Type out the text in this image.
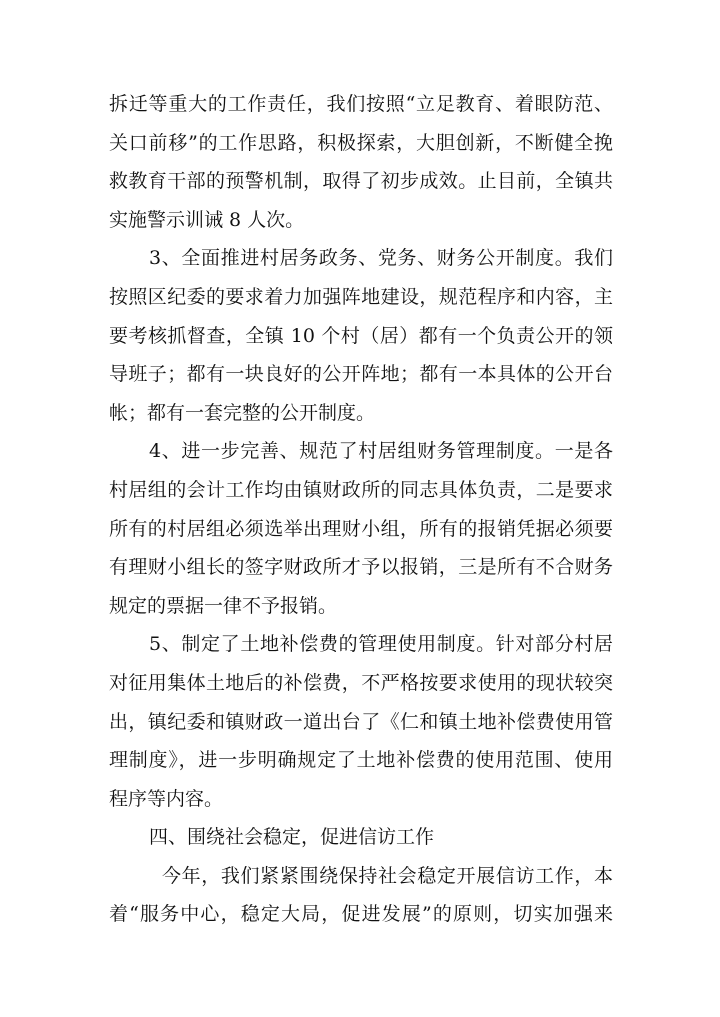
拆迁等重大的工作责任，我们按照“立足教育、着眼防范、
关口前移”的工作思路，积极探索，大胆创新，不断健全挽
救教育干部的预警机制，取得了初步成效。止目前，全镇共
实施警示训诫 8 人次。
3、全面推进村居务政务、党务、财务公开制度。我们
按照区纪委的要求着力加强阵地建设，规范程序和内容，主
要考核抓督查，全镇 10 个村（居）都有一个负责公开的领
导班子；都有一块良好的公开阵地；都有一本具体的公开台
帐；都有一套完整的公开制度。
4、进一步完善、规范了村居组财务管理制度。一是各
村居组的会计工作均由镇财政所的同志具体负责，二是要求
所有的村居组必须选举出理财小组，所有的报销凭据必须要
有理财小组长的签字财政所才予以报销，三是所有不合财务
规定的票据一律不予报销。
5、制定了土地补偿费的管理使用制度。针对部分村居
对征用集体土地后的补偿费，不严格按要求使用的现状较突
出，镇纪委和镇财政一道出台了《仁和镇土地补偿费使用管
理制度》，进一步明确规定了土地补偿费的使用范围、使用
程序等内容。
四、围绕社会稳定，促进信访工作
今年，我们紧紧围绕保持社会稳定开展信访工作，本
着“服务中心，稳定大局，促进发展”的原则，切实加强来
